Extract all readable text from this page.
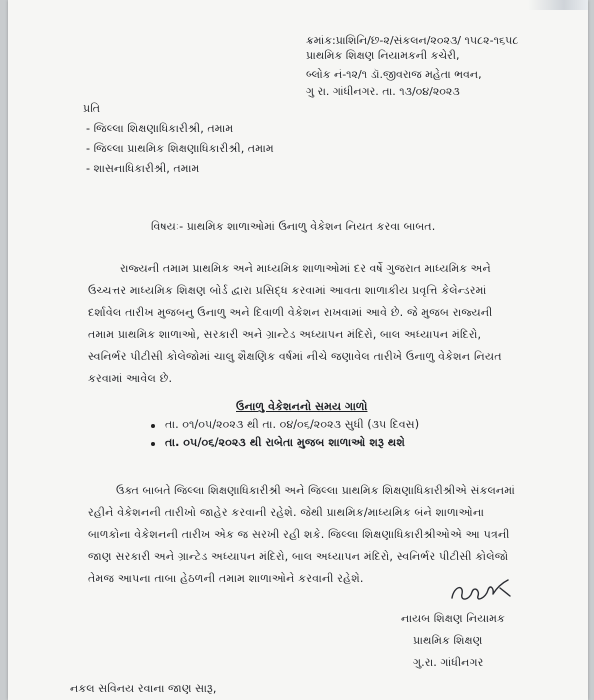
ક્રમાંક:પ્રાશિનિ/છ-૨/સંકલન/૨૦૨૩/ ૧૫૮૨-૧૬૫૮
પ્રાથમિક શિક્ષણ નિયામકની કચેરી,
બ્લોક નં-૧૨/૧ ડૉ.જીવરાજ મહેતા ભવન,
ગુ રા. ગાંધીનગર. તા. ૧૩/૦૪/૨૦૨૩
પ્રતિ
- જિલ્લા શિક્ષણાધિકારીશ્રી, તમામ
- જિલ્લા પ્રાથમિક શિક્ષણાધિકારીશ્રી, તમામ
- શાસનાધિકારીશ્રી, તમામ
વિષયઃ- પ્રાથમિક શાળાઓમાં ઉનાળુ વેકેશન નિયત કરવા બાબત.
રાજ્યની તમામ પ્રાથમિક અને માધ્યમિક શાળાઓમાં દર વર્ષે ગુજરાત માધ્યમિક અને
ઉચ્ચત્તર માધ્યમિક શિક્ષણ બોર્ડ દ્વારા પ્રસિદ્ધ કરવામાં આવતા શાળાકીય પ્રવૃત્તિ કેલેન્ડરમાં
દર્શાવેલ તારીખ મુજબનુ ઉનાળુ અને દિવાળી વેકેશન રાખવામાં આવે છે. જે મુજબ રાજ્યની
તમામ પ્રાથમિક શાળાઓ, સરકારી અને ગ્રાન્ટેડ અધ્યાપન મંદિરો, બાલ અધ્યાપન મંદિરો,
સ્વનિર્ભર પીટીસી કોલેજોમાં ચાલુ શૈક્ષણિક વર્ષમાં નીચે જણાવેલ તારીખે ઉનાળુ વેકેશન નિયત
કરવામાં આવેલ છે.
ઉનાળુ વેકેશનનો સમય ગાળો
તા. ૦૧/૦૫/૨૦૨૩ થી તા. ૦૪/૦૬/૨૦૨૩ સુધી (૩૫ દિવસ)
તા. ૦૫/૦૬/૨૦૨૩ થી રાબેતા મુજબ શાળાઓ શરૂ થશે
ઉક્ત બાબતે જિલ્લા શિક્ષણાધિકારીશ્રી અને જિલ્લા પ્રાથમિક શિક્ષણાધિકારીશ્રીએ સંકલનમાં
રહીને વેકેશનની તારીખો જાહેર કરવાની રહેશે. જેથી પ્રાથમિક/માધ્યમિક બંને શાળાઓના
બાળકોના વેકેશનની તારીખ એક જ સરખી રહી શકે. જિલ્લા શિક્ષણાધિકારીશ્રીઓએ આ પત્રની
જાણ સરકારી અને ગ્રાન્ટેડ અધ્યાપન મંદિરો, બાલ અધ્યાપન મંદિરો, સ્વનિર્ભર પીટીસી કોલેજો
તેમજ આપના તાબા હેઠળની તમામ શાળાઓને કરવાની રહેશે.
નાયબ શિક્ષણ નિયામક
પ્રાથમિક શિક્ષણ
ગુ.રા. ગાંધીનગર
નકલ સવિનય રવાના જાણ સારૂ,
